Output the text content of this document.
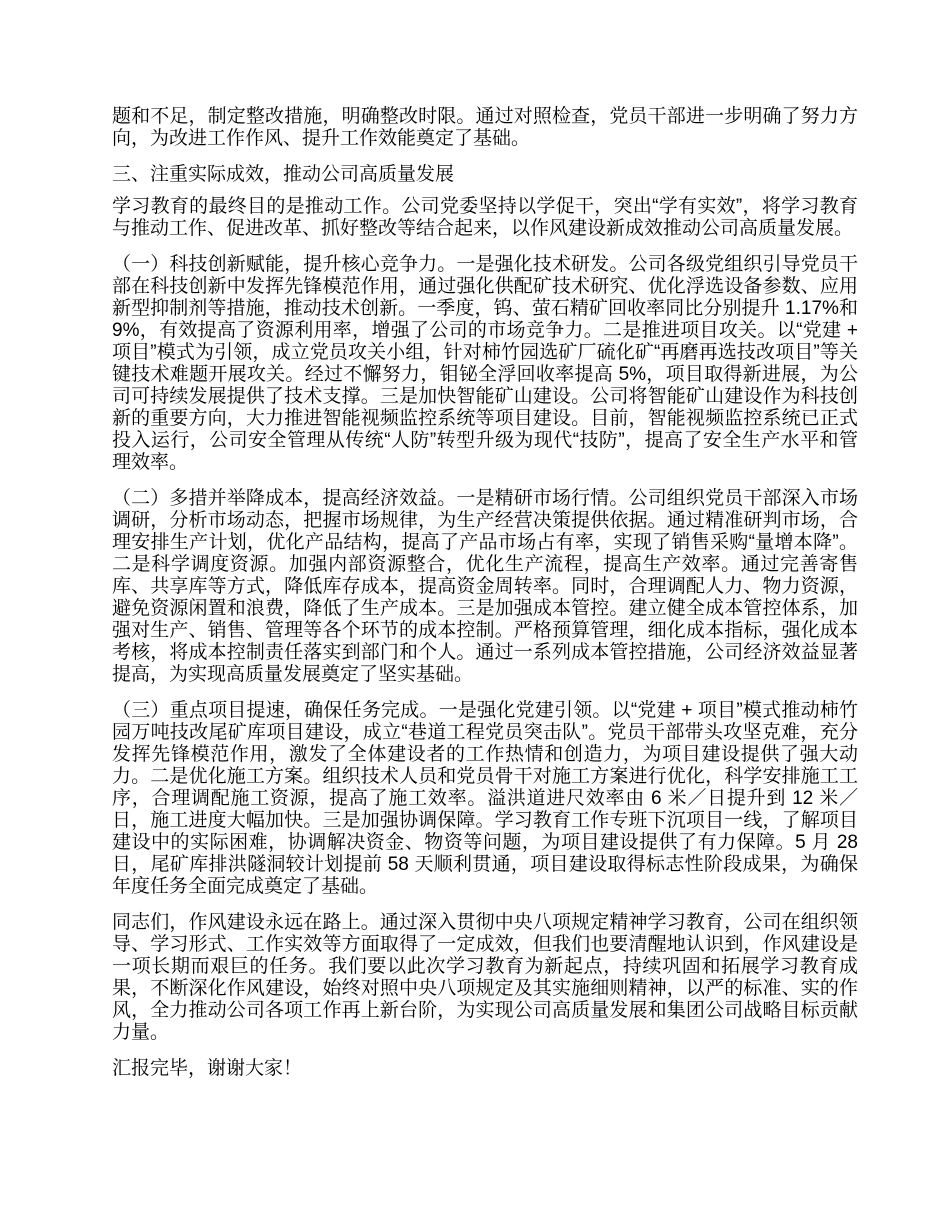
题和不足，制定整改措施，明确整改时限。通过对照检查，党员干部进一步明确了努力方向，为改进工作作风、提升工作效能奠定了基础。

三、注重实际成效，推动公司高质量发展

学习教育的最终目的是推动工作。公司党委坚持以学促干，突出“学有实效”，将学习教育与推动工作、促进改革、抓好整改等结合起来，以作风建设新成效推动公司高质量发展。

（一）科技创新赋能，提升核心竞争力。一是强化技术研发。公司各级党组织引导党员干部在科技创新中发挥先锋模范作用，通过强化供配矿技术研究、优化浮选设备参数、应用新型抑制剂等措施，推动技术创新。一季度，钨、萤石精矿回收率同比分别提升 1.17%和 9%，有效提高了资源利用率，增强了公司的市场竞争力。二是推进项目攻关。以“党建 + 项目”模式为引领，成立党员攻关小组，针对柿竹园选矿厂硫化矿“再磨再选技改项目”等关键技术难题开展攻关。经过不懈努力，钼铋全浮回收率提高 5%，项目取得新进展，为公司可持续发展提供了技术支撑。三是加快智能矿山建设。公司将智能矿山建设作为科技创新的重要方向，大力推进智能视频监控系统等项目建设。目前，智能视频监控系统已正式投入运行，公司安全管理从传统“人防”转型升级为现代“技防”，提高了安全生产水平和管理效率。

（二）多措并举降成本，提高经济效益。一是精研市场行情。公司组织党员干部深入市场调研，分析市场动态，把握市场规律，为生产经营决策提供依据。通过精准研判市场，合理安排生产计划，优化产品结构，提高了产品市场占有率，实现了销售采购“量增本降”。二是科学调度资源。加强内部资源整合，优化生产流程，提高生产效率。通过完善寄售库、共享库等方式，降低库存成本，提高资金周转率。同时，合理调配人力、物力资源，避免资源闲置和浪费，降低了生产成本。三是加强成本管控。建立健全成本管控体系，加强对生产、销售、管理等各个环节的成本控制。严格预算管理，细化成本指标，强化成本考核，将成本控制责任落实到部门和个人。通过一系列成本管控措施，公司经济效益显著提高，为实现高质量发展奠定了坚实基础。

（三）重点项目提速，确保任务完成。一是强化党建引领。以“党建 + 项目”模式推动柿竹园万吨技改尾矿库项目建设，成立“巷道工程党员突击队”。党员干部带头攻坚克难，充分发挥先锋模范作用，激发了全体建设者的工作热情和创造力，为项目建设提供了强大动力。二是优化施工方案。组织技术人员和党员骨干对施工方案进行优化，科学安排施工工序，合理调配施工资源，提高了施工效率。溢洪道进尺效率由 6 米／日提升到 12 米／日，施工进度大幅加快。三是加强协调保障。学习教育工作专班下沉项目一线，了解项目建设中的实际困难，协调解决资金、物资等问题，为项目建设提供了有力保障。5 月 28 日，尾矿库排洪隧洞较计划提前 58 天顺利贯通，项目建设取得标志性阶段成果，为确保年度任务全面完成奠定了基础。

同志们，作风建设永远在路上。通过深入贯彻中央八项规定精神学习教育，公司在组织领导、学习形式、工作实效等方面取得了一定成效，但我们也要清醒地认识到，作风建设是一项长期而艰巨的任务。我们要以此次学习教育为新起点，持续巩固和拓展学习教育成果，不断深化作风建设，始终对照中央八项规定及其实施细则精神，以严的标准、实的作风，全力推动公司各项工作再上新台阶，为实现公司高质量发展和集团公司战略目标贡献力量。

汇报完毕，谢谢大家！
